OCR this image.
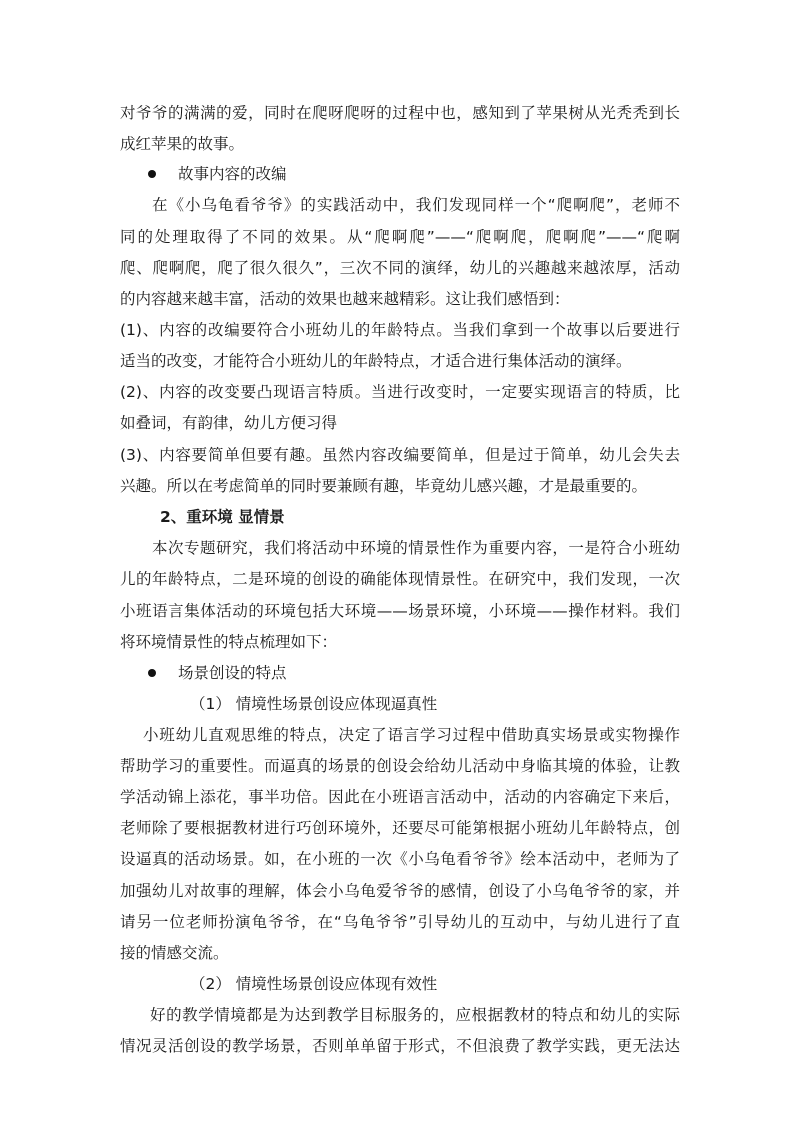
对爷爷的满满的爱，同时在爬呀爬呀的过程中也，感知到了苹果树从光秃秃到长
成红苹果的故事。
故事内容的改编
在《小乌龟看爷爷》的实践活动中，我们发现同样一个“爬啊爬”，老师不
同的处理取得了不同的效果。从“爬啊爬”——“爬啊爬，爬啊爬”——“爬啊
爬、爬啊爬，爬了很久很久”，三次不同的演绎，幼儿的兴趣越来越浓厚，活动
的内容越来越丰富，活动的效果也越来越精彩。这让我们感悟到：
(1)、内容的改编要符合小班幼儿的年龄特点。当我们拿到一个故事以后要进行
适当的改变，才能符合小班幼儿的年龄特点，才适合进行集体活动的演绎。
(2)、内容的改变要凸现语言特质。当进行改变时，一定要实现语言的特质，比
如叠词，有韵律，幼儿方便习得
(3)、内容要简单但要有趣。虽然内容改编要简单，但是过于简单，幼儿会失去
兴趣。所以在考虑简单的同时要兼顾有趣，毕竟幼儿感兴趣，才是最重要的。
2、重环境 显情景
本次专题研究，我们将活动中环境的情景性作为重要内容，一是符合小班幼
儿的年龄特点，二是环境的创设的确能体现情景性。在研究中，我们发现，一次
小班语言集体活动的环境包括大环境——场景环境，小环境——操作材料。我们
将环境情景性的特点梳理如下：
场景创设的特点
（1） 情境性场景创设应体现逼真性
小班幼儿直观思维的特点，决定了语言学习过程中借助真实场景或实物操作
帮助学习的重要性。而逼真的场景的创设会给幼儿活动中身临其境的体验，让教
学活动锦上添花，事半功倍。因此在小班语言活动中，活动的内容确定下来后，
老师除了要根据教材进行巧创环境外，还要尽可能第根据小班幼儿年龄特点，创
设逼真的活动场景。如，在小班的一次《小乌龟看爷爷》绘本活动中，老师为了
加强幼儿对故事的理解，体会小乌龟爱爷爷的感情，创设了小乌龟爷爷的家，并
请另一位老师扮演龟爷爷，在“乌龟爷爷”引导幼儿的互动中，与幼儿进行了直
接的情感交流。
（2） 情境性场景创设应体现有效性
好的教学情境都是为达到教学目标服务的，应根据教材的特点和幼儿的实际
情况灵活创设的教学场景，否则单单留于形式，不但浪费了教学实践，更无法达
